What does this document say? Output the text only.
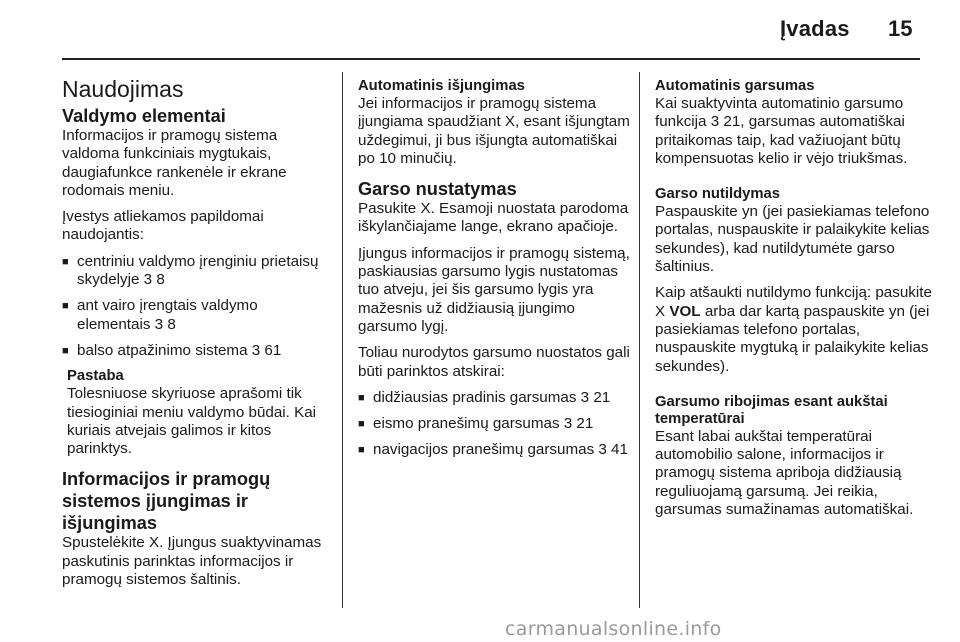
Įvadas 15
Naudojimas
Valdymo elementai

Informacijos ir pramogų sistema valdoma funkciniais mygtukais, daugiafunkce rankenėle ir ekrane rodomais meniu.

Įvestys atliekamos papildomai naudojantis:

■ centriniu valdymo įrenginiu prietaisų skydelyje 3 8
■ ant vairo įrengtais valdymo elementais 3 8
■ balso atpažinimo sistema 3 61
Pastaba
Tolesniuose skyriuose aprašomi tik tiesioginiai meniu valdymo būdai. Kai kuriais atvejais galimos ir kitos parinktys.
Informacijos ir pramogų sistemos įjungimas ir išjungimas

Spustelėkite X. Įjungus suaktyvinamas paskutinis parinktas informacijos ir pramogų sistemos šaltinis.

Automatinis išjungimas

Jei informacijos ir pramogų sistema įjungiama spaudžiant X, esant išjungtam uždegimui, ji bus išjungta automatiškai po 10 minučių.

Garso nustatymas

Pasukite X. Esamoji nuostata parodoma iškylančiajame lange, ekrano apačioje.

Įjungus informacijos ir pramogų sistemą, paskiausias garsumo lygis nustatomas tuo atveju, jei šis garsumo lygis yra mažesnis už didžiausią įjungimo garsumo lygį.

Toliau nurodytos garsumo nuostatos gali būti parinktos atskirai:

■ didžiausias pradinis garsumas 3 21
■ eismo pranešimų garsumas 3 21
■ navigacijos pranešimų garsumas 3 41
Automatinis garsumas

Kai suaktyvinta automatinio garsumo funkcija 3 21, garsumas automatiškai pritaikomas taip, kad važiuojant būtų kompensuotas kelio ir vėjo triukšmas.

Garso nutildymas

Paspauskite yn (jei pasiekiamas telefono portalas, nuspauskite ir palaikykite kelias sekundes), kad nutildytumėte garso šaltinius.

Kaip atšaukti nutildymo funkciją: pasukite X VOL arba dar kartą paspauskite yn (jei pasiekiamas telefono portalas, nuspauskite mygtuką ir palaikykite kelias sekundes).

Garsumo ribojimas esant aukštai temperatūrai

Esant labai aukštai temperatūrai automobilio salone, informacijos ir pramogų sistema apriboja didžiausią reguliuojamą garsumą. Jei reikia, garsumas sumažinamas automatiškai.

carmanualsonline.info
